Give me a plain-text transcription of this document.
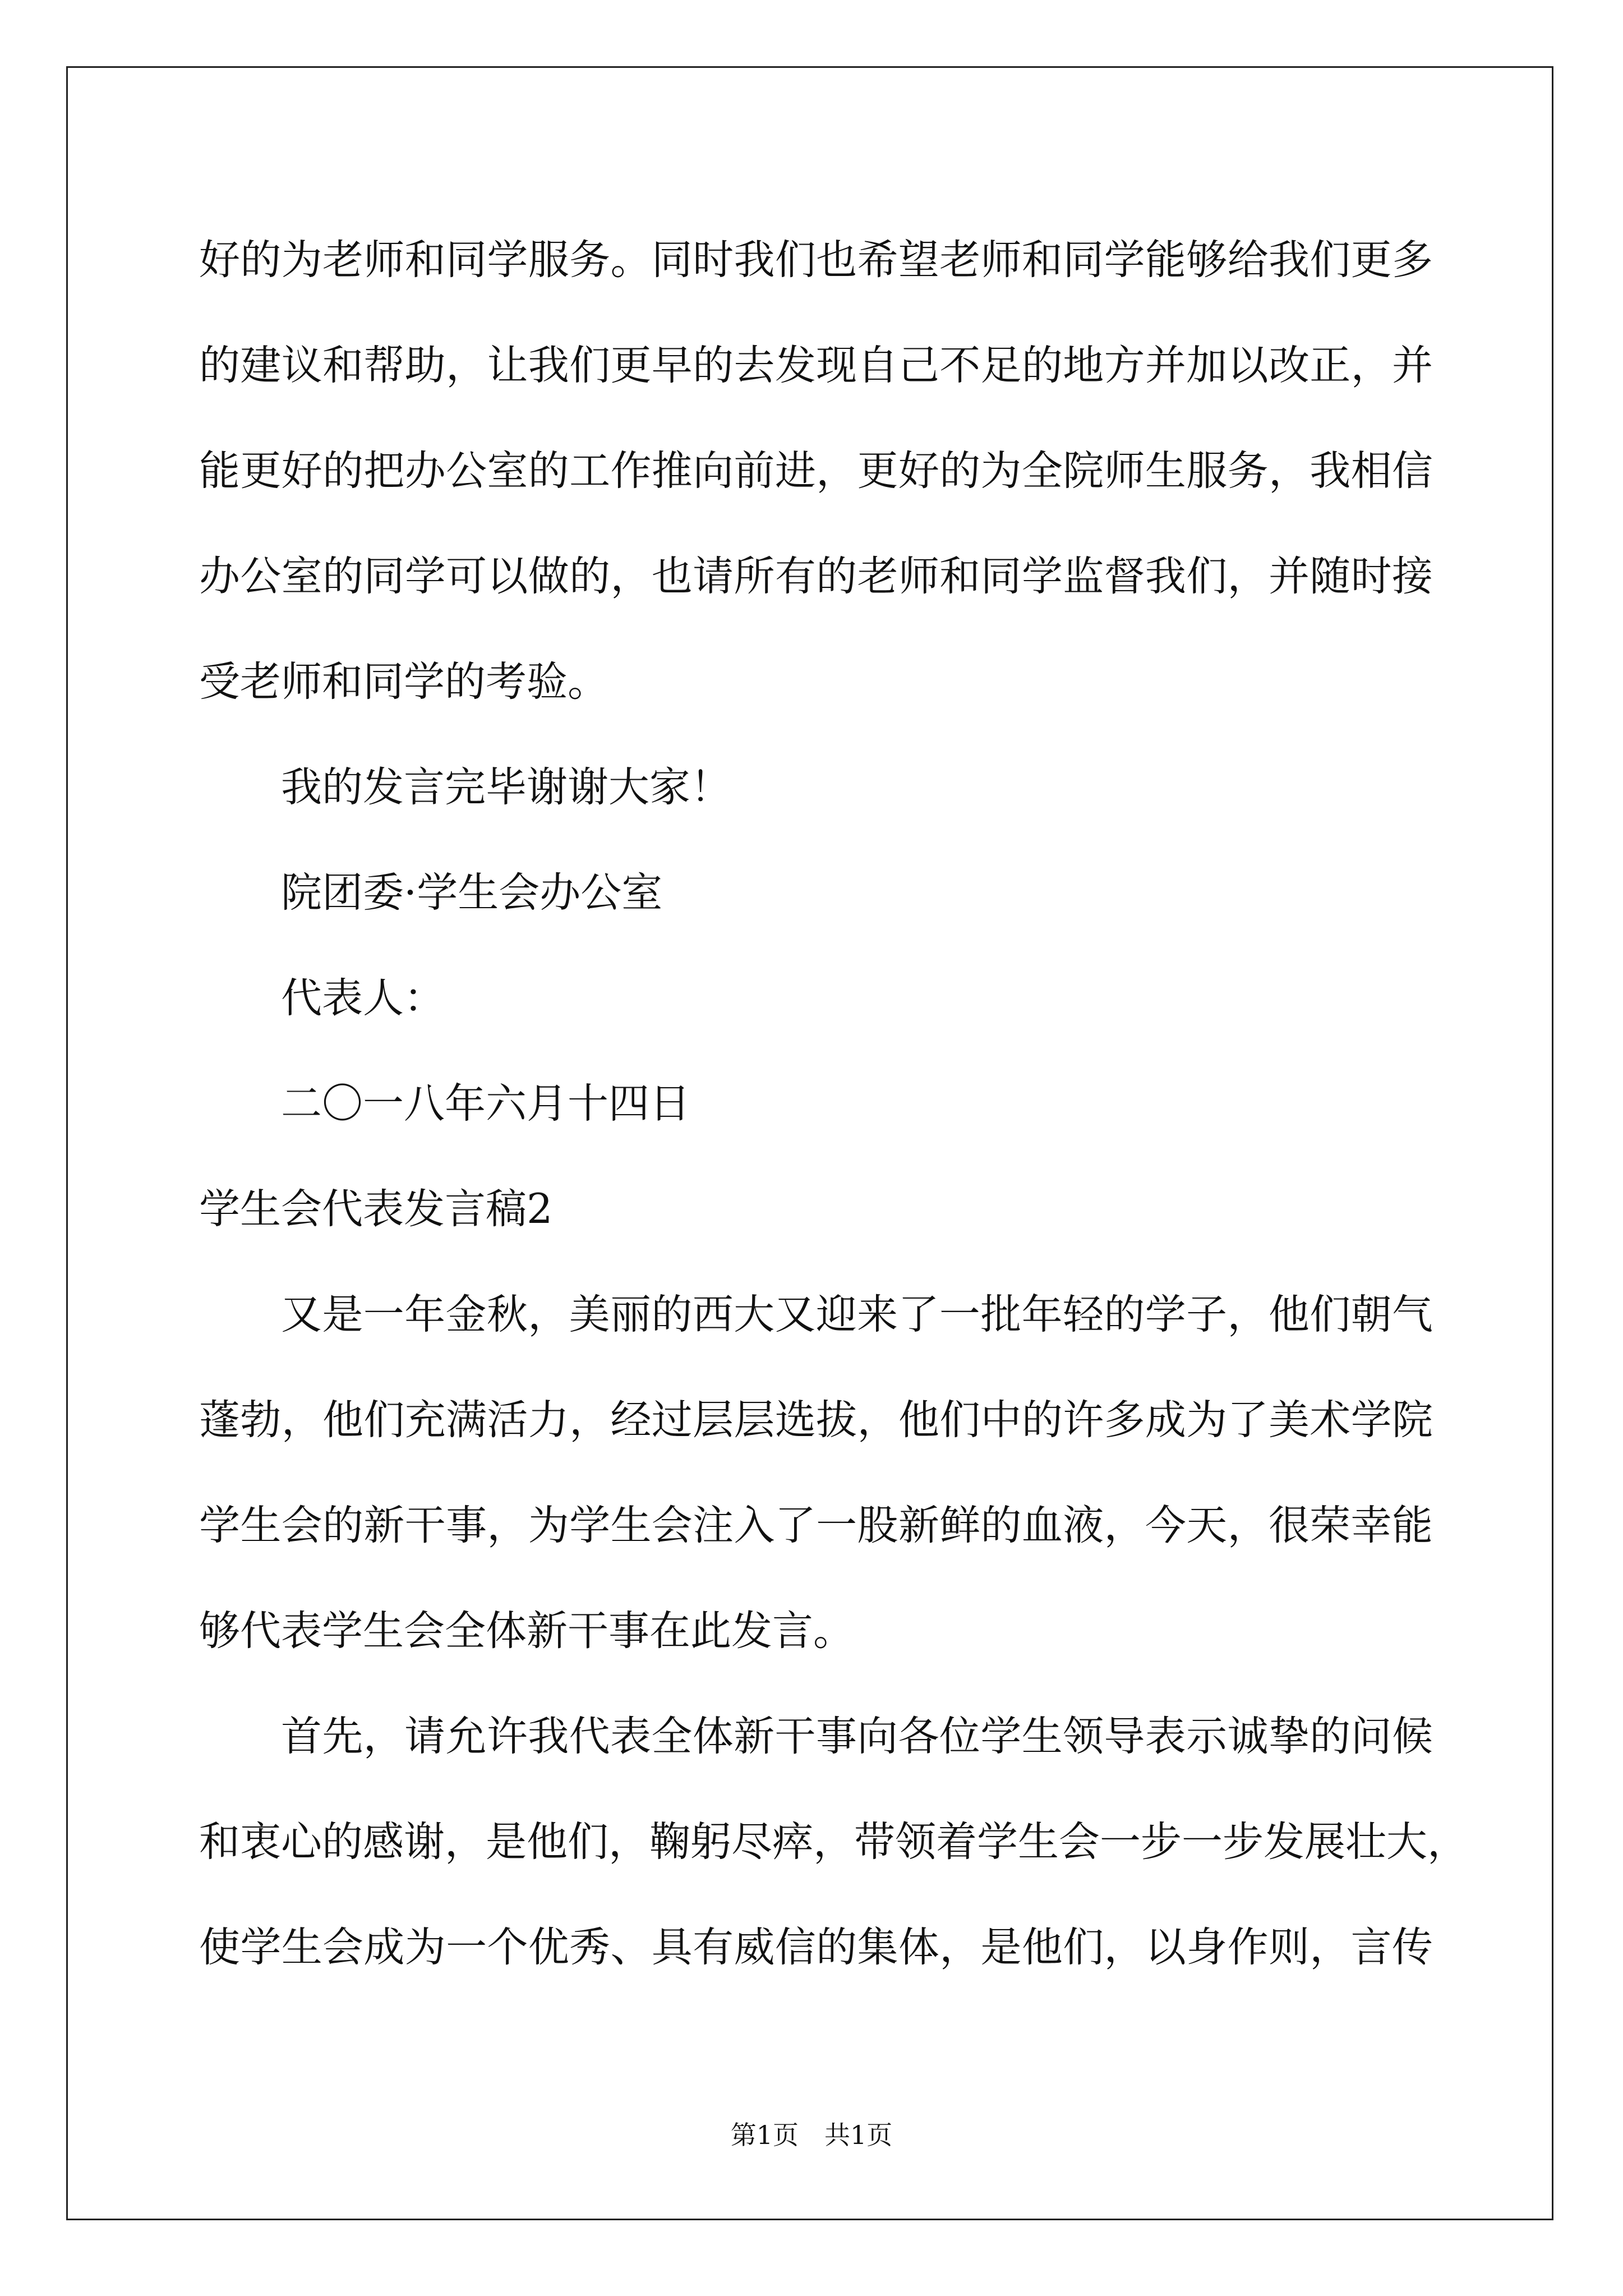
好的为老师和同学服务。同时我们也希望老师和同学能够给我们更多
的建议和帮助，让我们更早的去发现自己不足的地方并加以改正，并
能更好的把办公室的工作推向前进，更好的为全院师生服务，我相信
办公室的同学可以做的，也请所有的老师和同学监督我们，并随时接
受老师和同学的考验。
我的发言完毕谢谢大家！
院团委·学生会办公室
代表人：
二〇一八年六月十四日
学生会代表发言稿2
又是一年金秋，美丽的西大又迎来了一批年轻的学子，他们朝气
蓬勃，他们充满活力，经过层层选拔，他们中的许多成为了美术学院
学生会的新干事，为学生会注入了一股新鲜的血液，今天，很荣幸能
够代表学生会全体新干事在此发言。
首先，请允许我代表全体新干事向各位学生领导表示诚挚的问候
和衷心的感谢，是他们，鞠躬尽瘁，带领着学生会一步一步发展壮大，
使学生会成为一个优秀、具有威信的集体，是他们，以身作则，言传
第1页　共1页
